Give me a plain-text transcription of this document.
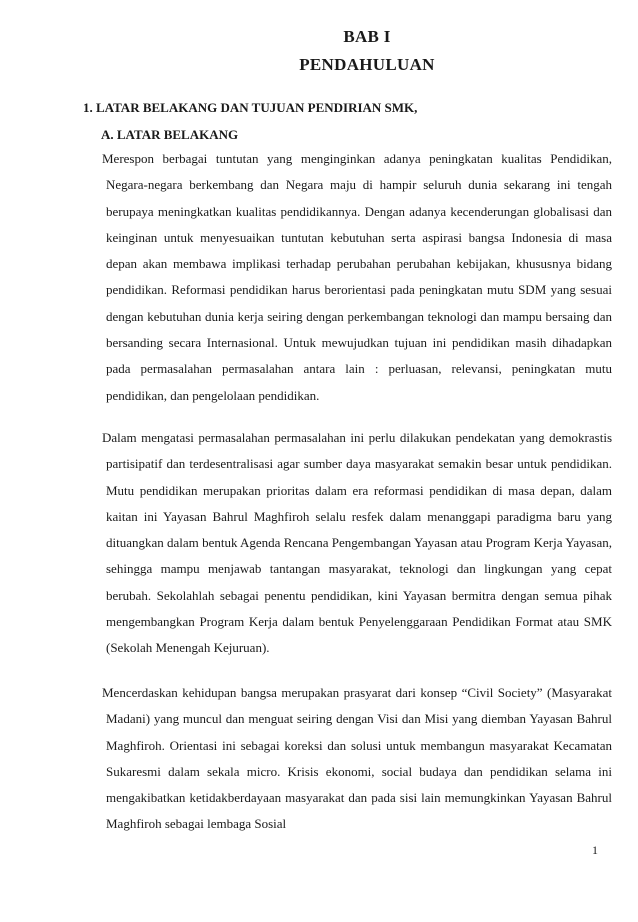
BAB I
PENDAHULUAN
1. LATAR BELAKANG DAN TUJUAN PENDIRIAN SMK,
A. LATAR BELAKANG

Merespon berbagai tuntutan yang menginginkan adanya peningkatan kualitas Pendidikan, Negara-negara berkembang dan Negara maju di hampir seluruh dunia sekarang ini tengah berupaya meningkatkan kualitas pendidikannya. Dengan adanya kecenderungan globalisasi dan keinginan untuk menyesuaikan tuntutan kebutuhan serta aspirasi bangsa Indonesia di masa depan akan membawa implikasi terhadap perubahan perubahan kebijakan, khususnya bidang pendidikan. Reformasi pendidikan harus berorientasi pada peningkatan mutu SDM yang sesuai dengan kebutuhan dunia kerja seiring dengan perkembangan teknologi dan mampu bersaing dan bersanding secara Internasional. Untuk mewujudkan tujuan ini pendidikan masih dihadapkan pada permasalahan permasalahan antara lain : perluasan, relevansi, peningkatan mutu pendidikan, dan pengelolaan pendidikan.

Dalam mengatasi permasalahan permasalahan ini perlu dilakukan pendekatan yang demokrastis partisipatif dan terdesentralisasi agar sumber daya masyarakat semakin besar untuk pendidikan. Mutu pendidikan merupakan prioritas dalam era reformasi pendidikan di masa depan, dalam kaitan ini Yayasan Bahrul Maghfiroh selalu resfek dalam menanggapi paradigma baru yang dituangkan dalam bentuk Agenda Rencana Pengembangan Yayasan atau Program Kerja Yayasan, sehingga mampu menjawab tantangan masyarakat, teknologi dan lingkungan yang cepat berubah. Sekolahlah sebagai penentu pendidikan, kini Yayasan bermitra dengan semua pihak mengembangkan Program Kerja dalam bentuk Penyelenggaraan Pendidikan Format atau SMK (Sekolah Menengah Kejuruan).

Mencerdaskan kehidupan bangsa merupakan prasyarat dari konsep “Civil Society” (Masyarakat Madani) yang muncul dan menguat seiring dengan Visi dan Misi yang diemban Yayasan Bahrul Maghfiroh. Orientasi ini sebagai koreksi dan solusi untuk membangun masyarakat Kecamatan Sukaresmi dalam sekala micro. Krisis ekonomi, social budaya dan pendidikan selama ini mengakibatkan ketidakberdayaan masyarakat dan pada sisi lain memungkinkan Yayasan Bahrul Maghfiroh sebagai lembaga Sosial

1
